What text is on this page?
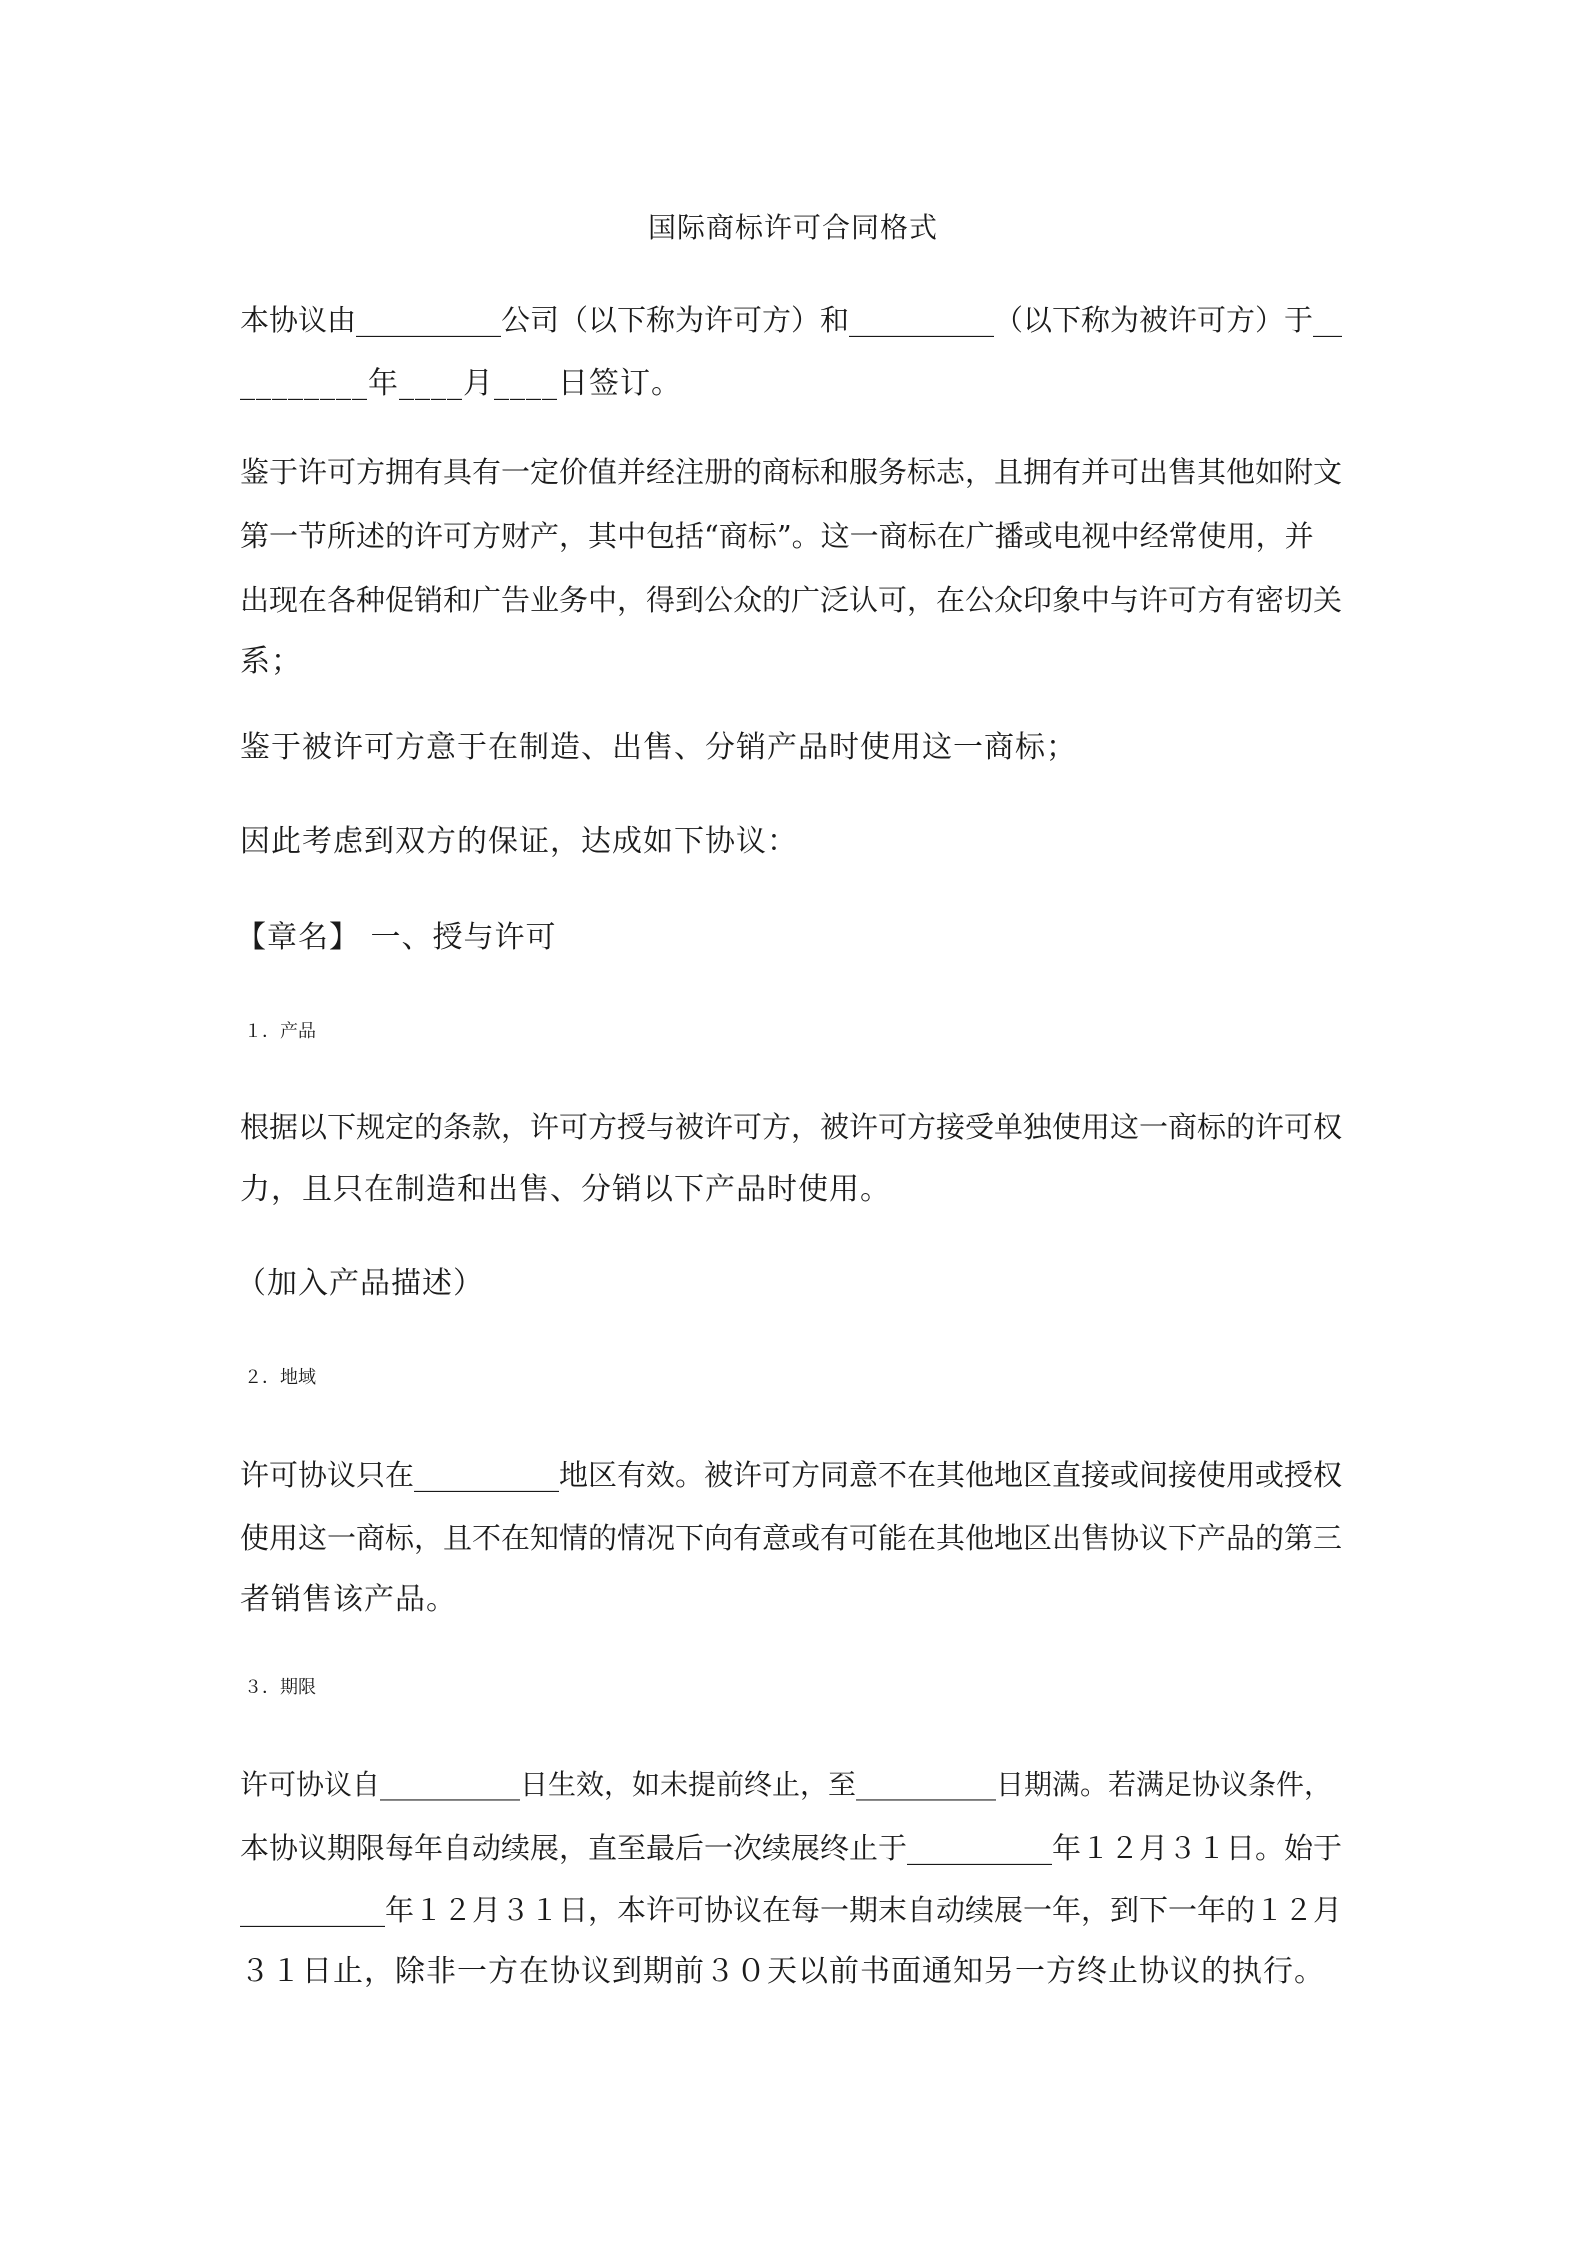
国际商标许可合同格式
本协议由__________公司（以下称为许可方）和__________（以下称为被许可方）于__
________年____月____日签订。
鉴于许可方拥有具有一定价值并经注册的商标和服务标志，且拥有并可出售其他如附文
第一节所述的许可方财产，其中包括“商标”。这一商标在广播或电视中经常使用，并
出现在各种促销和广告业务中，得到公众的广泛认可，在公众印象中与许可方有密切关
系；
鉴于被许可方意于在制造、出售、分销产品时使用这一商标；
因此考虑到双方的保证，达成如下协议：
【章名】 一、授与许可
１．产品
根据以下规定的条款，许可方授与被许可方，被许可方接受单独使用这一商标的许可权
力，且只在制造和出售、分销以下产品时使用。
（加入产品描述）
２．地域
许可协议只在__________地区有效。被许可方同意不在其他地区直接或间接使用或授权
使用这一商标，且不在知情的情况下向有意或有可能在其他地区出售协议下产品的第三
者销售该产品。
３．期限
许可协议自__________日生效，如未提前终止，至__________日期满。若满足协议条件，
本协议期限每年自动续展，直至最后一次续展终止于__________年１２月３１日。始于
__________年１２月３１日，本许可协议在每一期末自动续展一年，到下一年的１２月
３１日止，除非一方在协议到期前３０天以前书面通知另一方终止协议的执行。
